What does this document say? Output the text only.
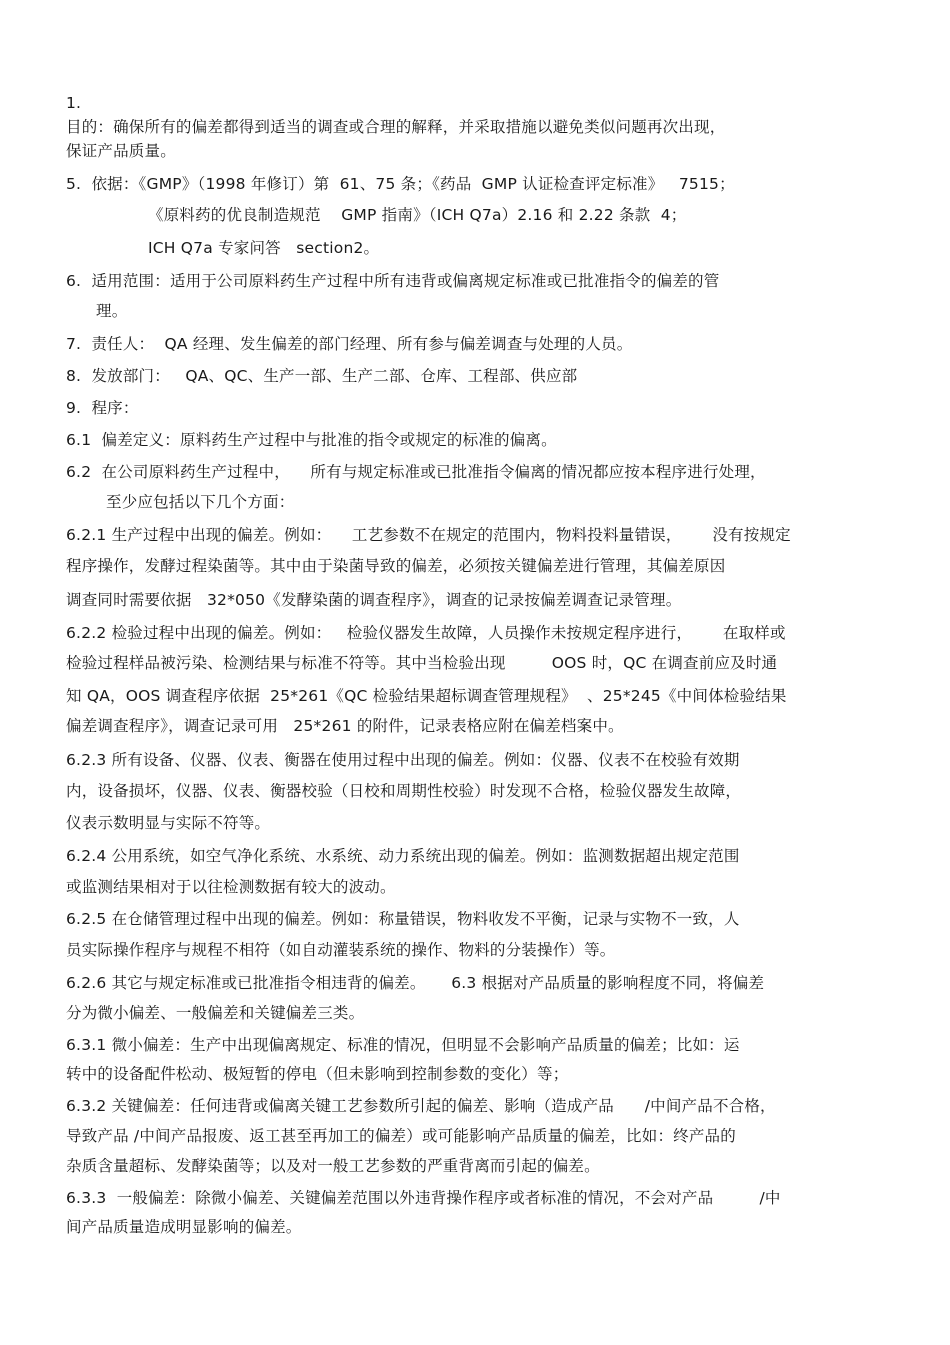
1.
目的：确保所有的偏差都得到适当的调查或合理的解释，并采取措施以避免类似问题再次出现，
保证产品质量。
5.  依据：《GMP》（1998 年修订）第  61、75 条；《药品  GMP 认证检查评定标准》   7515；
《原料药的优良制造规范    GMP 指南》（ICH Q7a）2.16 和 2.22 条款  4；
ICH Q7a 专家问答   section2。
6.  适用范围：适用于公司原料药生产过程中所有违背或偏离规定标准或已批准指令的偏差的管
理。
7.  责任人：  QA 经理、发生偏差的部门经理、所有参与偏差调查与处理的人员。
8.  发放部门：   QA、QC、生产一部、生产二部、仓库、工程部、供应部
9.  程序：
6.1  偏差定义：原料药生产过程中与批准的指令或规定的标准的偏离。
6.2  在公司原料药生产过程中，    所有与规定标准或已批准指令偏离的情况都应按本程序进行处理，
至少应包括以下几个方面：
6.2.1 生产过程中出现的偏差。例如：    工艺参数不在规定的范围内，物料投料量错误，      没有按规定
程序操作，发酵过程染菌等。其中由于染菌导致的偏差，必须按关键偏差进行管理，其偏差原因
调查同时需要依据   32*050《发酵染菌的调查程序》，调查的记录按偏差调查记录管理。
6.2.2 检验过程中出现的偏差。例如：   检验仪器发生故障，人员操作未按规定程序进行，      在取样或
检验过程样品被污染、检测结果与标准不符等。其中当检验出现         OOS 时，QC 在调查前应及时通
知 QA，OOS 调查程序依据  25*261《QC 检验结果超标调查管理规程》  、25*245《中间体检验结果
偏差调查程序》，调查记录可用   25*261 的附件，记录表格应附在偏差档案中。
6.2.3 所有设备、仪器、仪表、衡器在使用过程中出现的偏差。例如：仪器、仪表不在校验有效期
内，设备损坏，仪器、仪表、衡器校验（日校和周期性校验）时发现不合格，检验仪器发生故障，
仪表示数明显与实际不符等。
6.2.4 公用系统，如空气净化系统、水系统、动力系统出现的偏差。例如：监测数据超出规定范围
或监测结果相对于以往检测数据有较大的波动。
6.2.5 在仓储管理过程中出现的偏差。例如：称量错误，物料收发不平衡，记录与实物不一致，人
员实际操作程序与规程不相符（如自动灌装系统的操作、物料的分装操作）等。
6.2.6 其它与规定标准或已批准指令相违背的偏差。     6.3 根据对产品质量的影响程度不同，将偏差
分为微小偏差、一般偏差和关键偏差三类。
6.3.1 微小偏差：生产中出现偏离规定、标准的情况，但明显不会影响产品质量的偏差；比如：运
转中的设备配件松动、极短暂的停电（但未影响到控制参数的变化）等；
6.3.2 关键偏差：任何违背或偏离关键工艺参数所引起的偏差、影响（造成产品      /中间产品不合格，
导致产品 /中间产品报废、返工甚至再加工的偏差）或可能影响产品质量的偏差，比如：终产品的
杂质含量超标、发酵染菌等；以及对一般工艺参数的严重背离而引起的偏差。
6.3.3  一般偏差：除微小偏差、关键偏差范围以外违背操作程序或者标准的情况，不会对产品         /中
间产品质量造成明显影响的偏差。
